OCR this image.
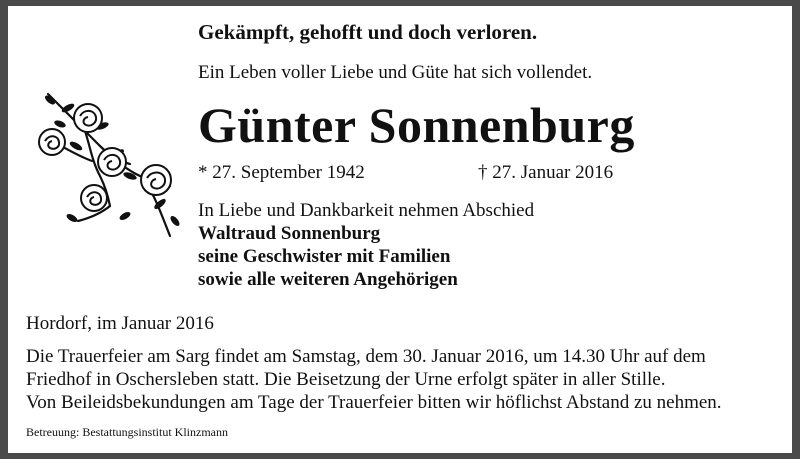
Gekämpft, gehofft und doch verloren.

Ein Leben voller Liebe und Güte hat sich vollendet.

Günter Sonnenburg

* 27. September 1942	† 27. Januar 2016

In Liebe und Dankbarkeit nehmen Abschied

Waltraud Sonnenburg

seine Geschwister mit Familien

sowie alle weiteren Angehörigen

Hordorf, im Januar 2016

Die Trauerfeier am Sarg findet am Samstag, dem 30. Januar 2016, um 14.30 Uhr auf dem
Friedhof in Oschersleben statt. Die Beisetzung der Urne erfolgt später in aller Stille.
Von Beileidsbekundungen am Tage der Trauerfeier bitten wir höflichst Abstand zu nehmen.

Betreuung: Bestattungsinstitut Klinzmann
